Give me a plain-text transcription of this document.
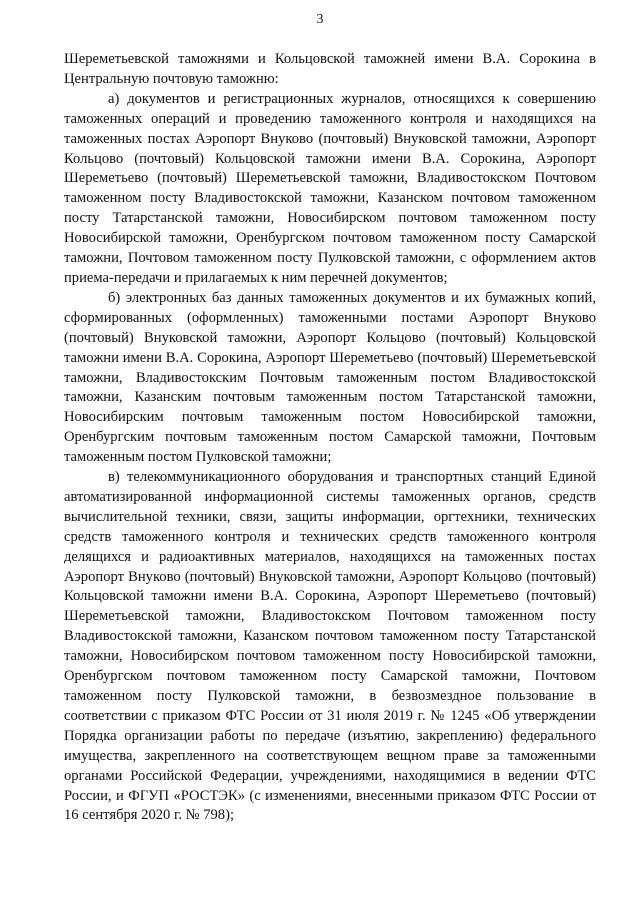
3

Шереметьевской таможнями и Кольцовской таможней имени В.А. Сорокина в Центральную почтовую таможню:

а) документов и регистрационных журналов, относящихся к совершению таможенных операций и проведению таможенного контроля и находящихся на таможенных постах Аэропорт Внуково (почтовый) Внуковской таможни, Аэропорт Кольцово (почтовый) Кольцовской таможни имени В.А. Сорокина, Аэропорт Шереметьево (почтовый) Шереметьевской таможни, Владивостокском Почтовом таможенном посту Владивостокской таможни, Казанском почтовом таможенном посту Татарстанской таможни, Новосибирском почтовом таможенном посту Новосибирской таможни, Оренбургском почтовом таможенном посту Самарской таможни, Почтовом таможенном посту Пулковской таможни, с оформлением актов приема-передачи и прилагаемых к ним перечней документов;

б) электронных баз данных таможенных документов и их бумажных копий, сформированных (оформленных) таможенными постами Аэропорт Внуково (почтовый) Внуковской таможни, Аэропорт Кольцово (почтовый) Кольцовской таможни имени В.А. Сорокина, Аэропорт Шереметьево (почтовый) Шереметьевской таможни, Владивостокским Почтовым таможенным постом Владивостокской таможни, Казанским почтовым таможенным постом Татарстанской таможни, Новосибирским почтовым таможенным постом Новосибирской таможни, Оренбургским почтовым таможенным постом Самарской таможни, Почтовым таможенным постом Пулковской таможни;

в) телекоммуникационного оборудования и транспортных станций Единой автоматизированной информационной системы таможенных органов, средств вычислительной техники, связи, защиты информации, оргтехники, технических средств таможенного контроля и технических средств таможенного контроля делящихся и радиоактивных материалов, находящихся на таможенных постах Аэропорт Внуково (почтовый) Внуковской таможни, Аэропорт Кольцово (почтовый) Кольцовской таможни имени В.А. Сорокина, Аэропорт Шереметьево (почтовый) Шереметьевской таможни, Владивостокском Почтовом таможенном посту Владивостокской таможни, Казанском почтовом таможенном посту Татарстанской таможни, Новосибирском почтовом таможенном посту Новосибирской таможни, Оренбургском почтовом таможенном посту Самарской таможни, Почтовом таможенном посту Пулковской таможни, в безвозмездное пользование в соответствии с приказом ФТС России от 31 июля 2019 г. № 1245 «Об утверждении Порядка организации работы по передаче (изъятию, закреплению) федерального имущества, закрепленного на соответствующем вещном праве за таможенными органами Российской Федерации, учреждениями, находящимися в ведении ФТС России, и ФГУП «РОСТЭК» (с изменениями, внесенными приказом ФТС России от 16 сентября 2020 г. № 798);
